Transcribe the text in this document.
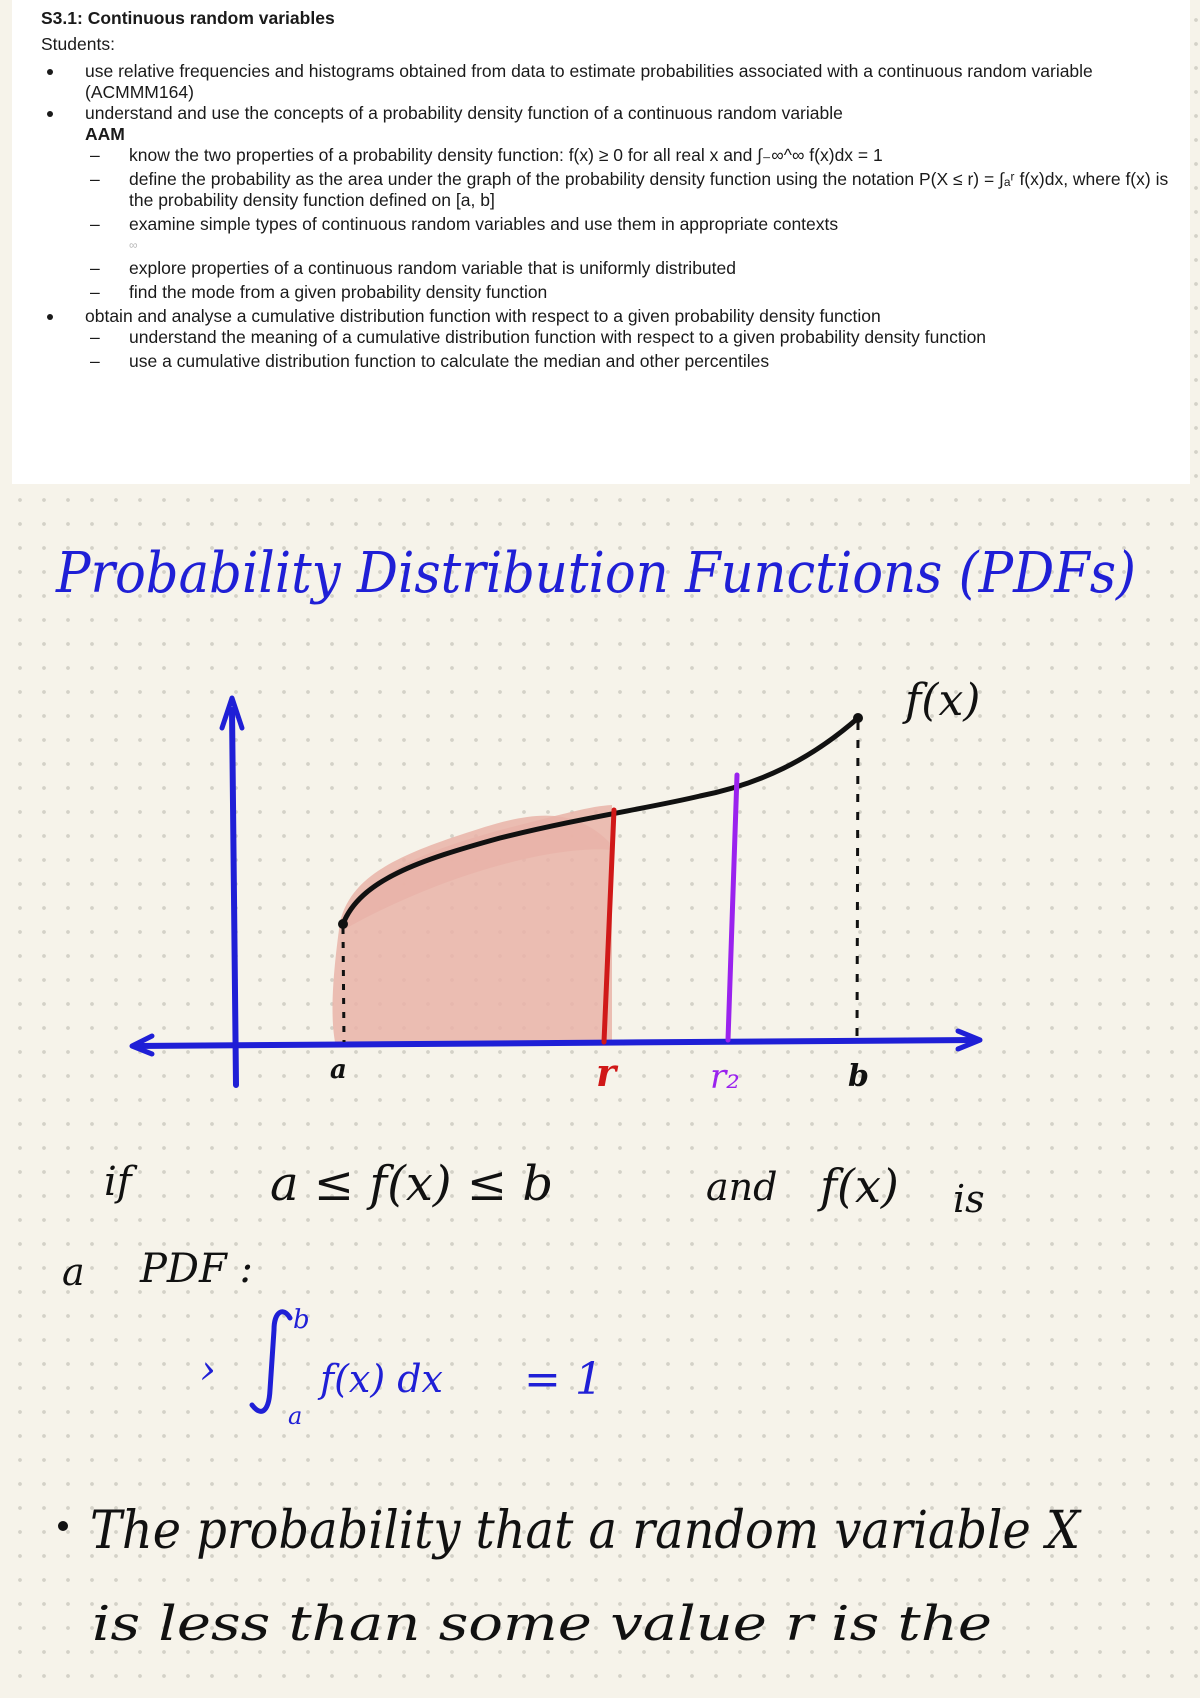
S3.1: Continuous random variables
Students:
use relative frequencies and histograms obtained from data to estimate probabilities associated with a continuous random variable (ACMMM164)
understand and use the concepts of a probability density function of a continuous random variable
AAM
– know the two properties of a probability density function: f(x) ≥ 0 for all real x and ∫₋∞^∞ f(x)dx = 1
– define the probability as the area under the graph of the probability density function using the notation P(X ≤ r) = ∫ₐʳ f(x)dx, where f(x) is the probability density function defined on [a, b]
– examine simple types of continuous random variables and use them in appropriate contexts
∞
– explore properties of a continuous random variable that is uniformly distributed
– find the mode from a given probability density function
obtain and analyse a cumulative distribution function with respect to a given probability density function
– understand the meaning of a cumulative distribution function with respect to a given probability density function
– use a cumulative distribution function to calculate the median and other percentiles
Probability Distribution Functions (PDFs)
f(x)
a	r	r₂	b
if	a ≤ f(x) ≤ b	and f(x) is
a PDF :
›
b
a
f(x) dx = 1
The probability that a random variable X
is less than some value r is the
